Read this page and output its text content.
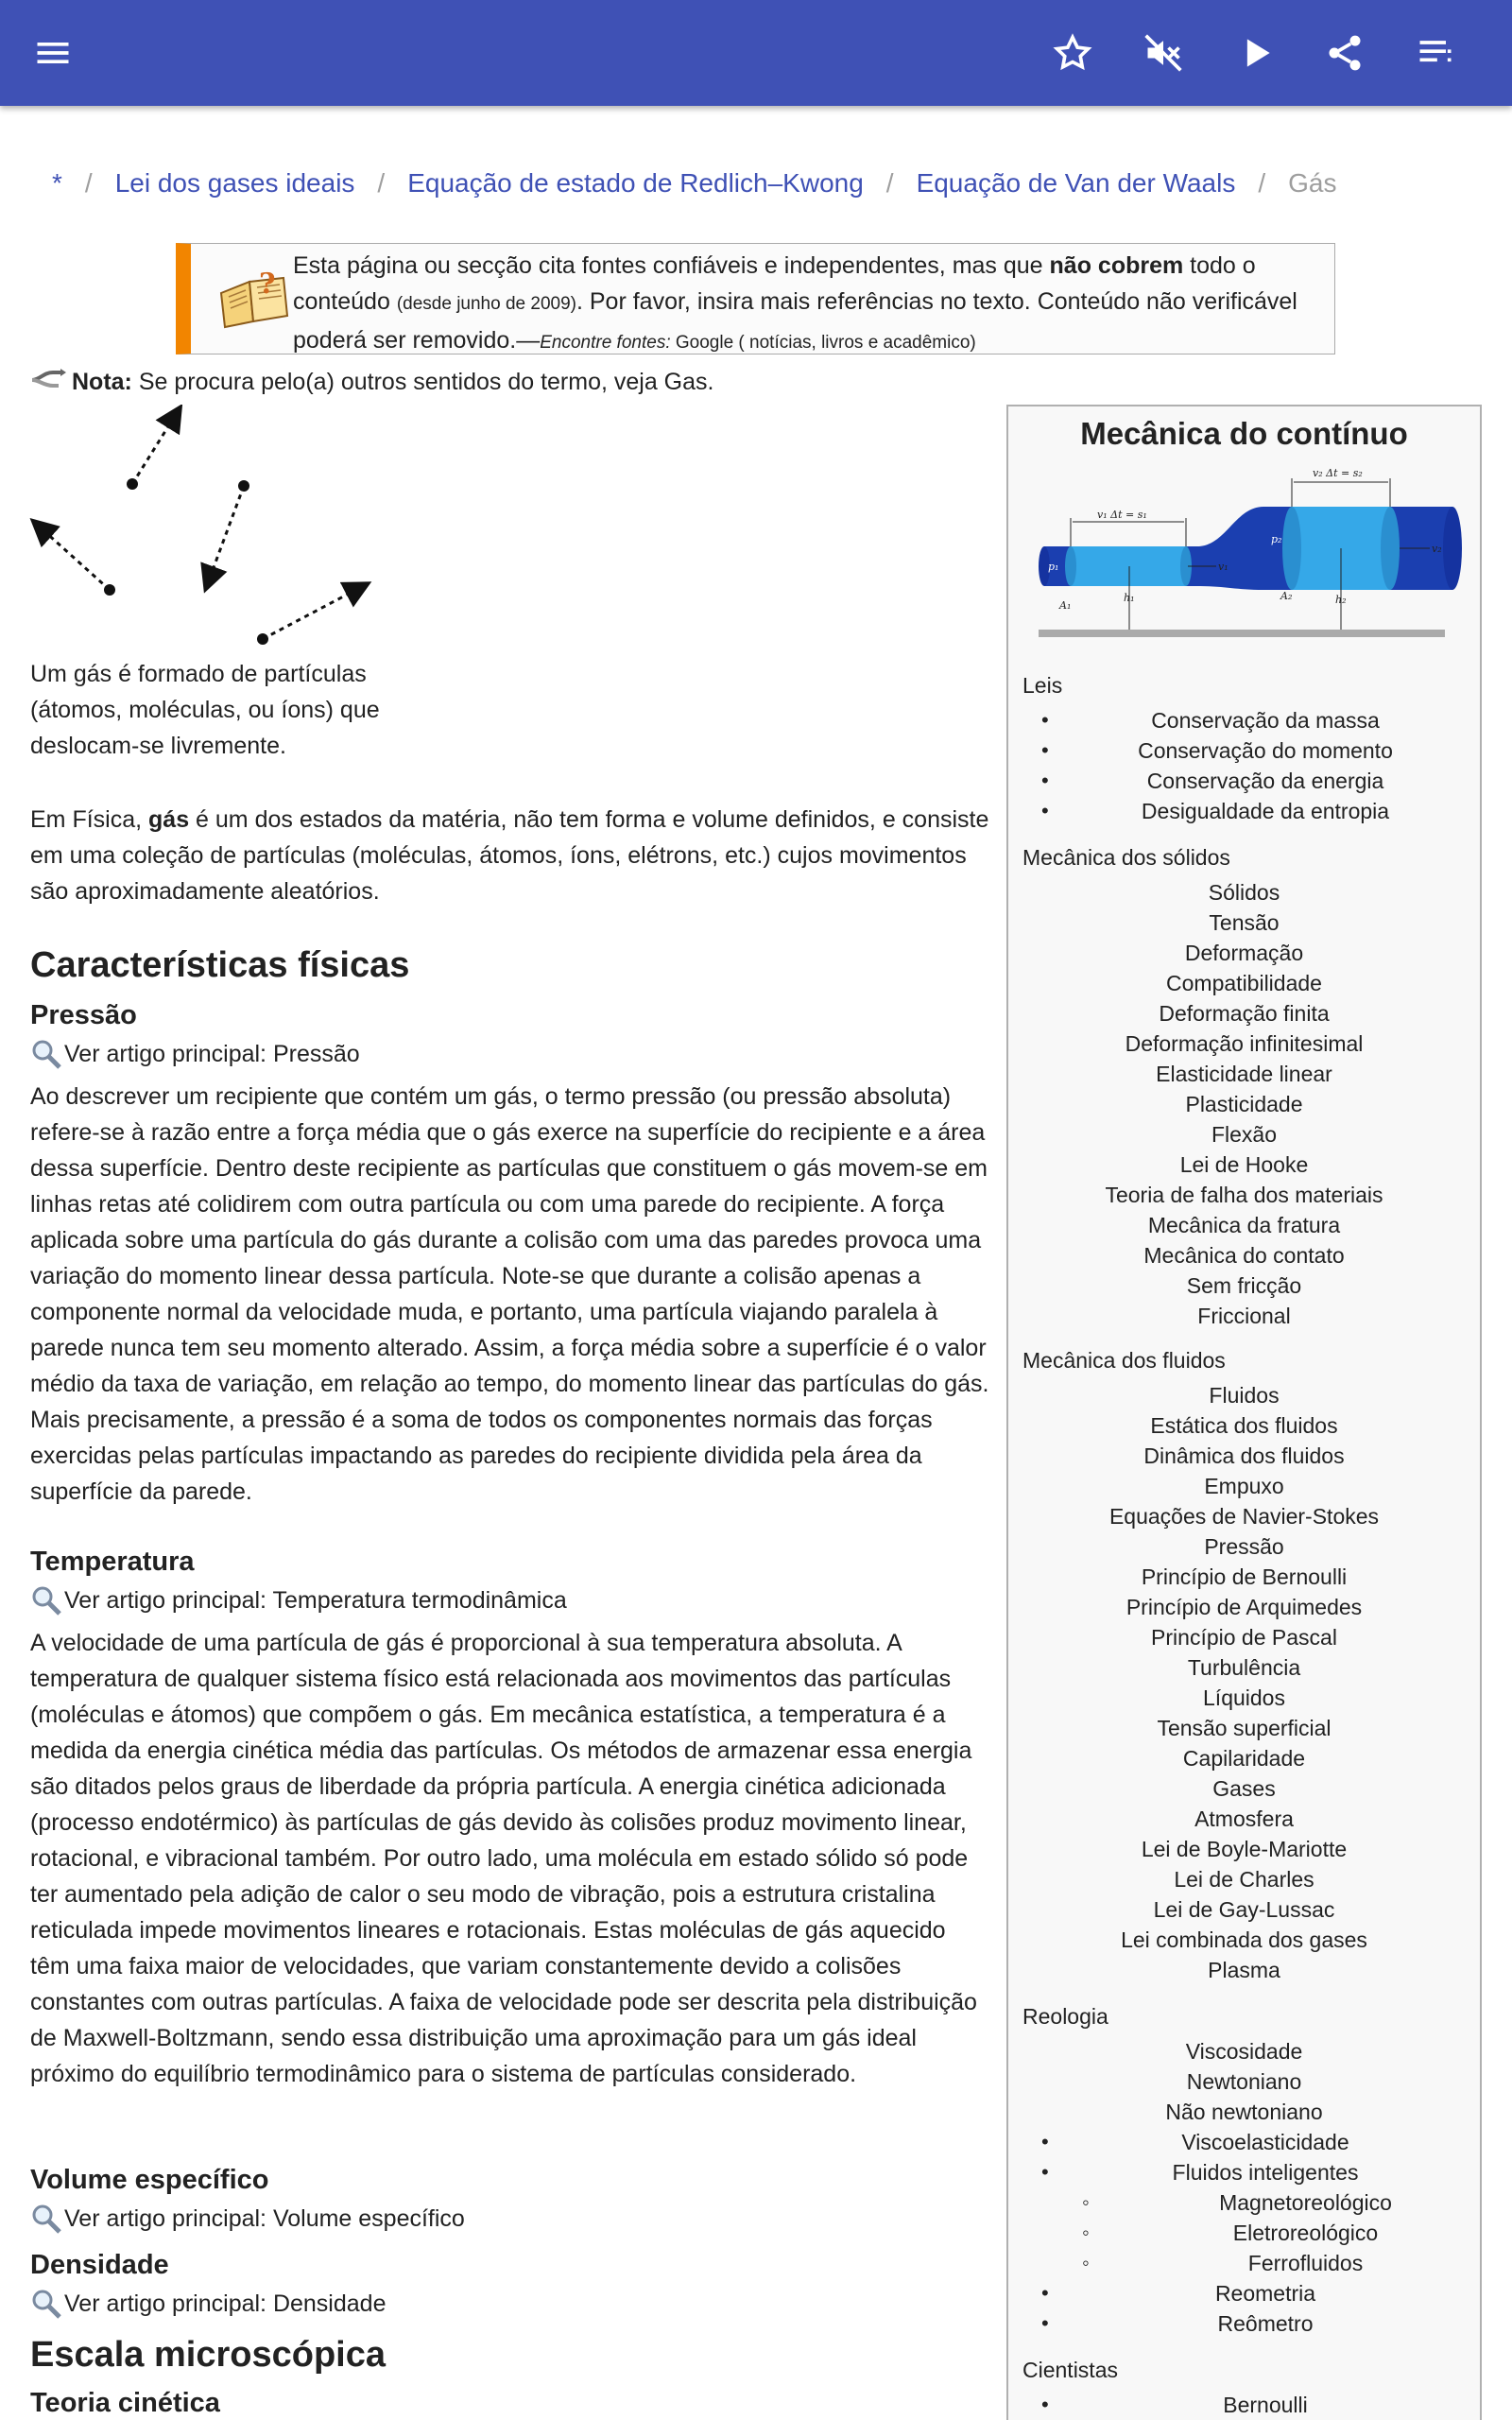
* / Lei dos gases ideais / Equação de estado de Redlich–Kwong / Equação de Van der Waals / Gás
?
Esta página ou secção cita fontes confiáveis e independentes, mas que não cobrem todo o conteúdo (desde junho de 2009). Por favor, insira mais referências no texto. Conteúdo não verificável poderá ser removido.—Encontre fontes: Google ( notícias, livros e acadêmico)
Nota: Se procura pelo(a) outros sentidos do termo, veja Gas.
Um gás é formado de partículas (átomos, moléculas, ou íons) que deslocam-se livremente.
Em Física, gás é um dos estados da matéria, não tem forma e volume definidos, e consiste em uma coleção de partículas (moléculas, átomos, íons, elétrons, etc.) cujos movimentos são aproximadamente aleatórios.
Características físicas
Pressão
Ver artigo principal: Pressão
Ao descrever um recipiente que contém um gás, o termo pressão (ou pressão absoluta) refere-se à razão entre a força média que o gás exerce na superfície do recipiente e a área dessa superfície. Dentro deste recipiente as partículas que constituem o gás movem-se em linhas retas até colidirem com outra partícula ou com uma parede do recipiente. A força aplicada sobre uma partícula do gás durante a colisão com uma das paredes provoca uma variação do momento linear dessa partícula. Note-se que durante a colisão apenas a componente normal da velocidade muda, e portanto, uma partícula viajando paralela à parede nunca tem seu momento alterado. Assim, a força média sobre a superfície é o valor médio da taxa de variação, em relação ao tempo, do momento linear das partículas do gás. Mais precisamente, a pressão é a soma de todos os componentes normais das forças exercidas pelas partículas impactando as paredes do recipiente dividida pela área da superfície da parede.
Temperatura
Ver artigo principal: Temperatura termodinâmica
A velocidade de uma partícula de gás é proporcional à sua temperatura absoluta. A temperatura de qualquer sistema físico está relacionada aos movimentos das partículas (moléculas e átomos) que compõem o gás. Em mecânica estatística, a temperatura é a medida da energia cinética média das partículas. Os métodos de armazenar essa energia são ditados pelos graus de liberdade da própria partícula. A energia cinética adicionada (processo endotérmico) às partículas de gás devido às colisões produz movimento linear, rotacional, e vibracional também. Por outro lado, uma molécula em estado sólido só pode ter aumentado pela adição de calor o seu modo de vibração, pois a estrutura cristalina reticulada impede movimentos lineares e rotacionais. Estas moléculas de gás aquecido têm uma faixa maior de velocidades, que variam constantemente devido a colisões constantes com outras partículas. A faixa de velocidade pode ser descrita pela distribuição de Maxwell-Boltzmann, sendo essa distribuição uma aproximação para um gás ideal próximo do equilíbrio termodinâmico para o sistema de partículas considerado.
Volume específico
Ver artigo principal: Volume específico
Densidade
Ver artigo principal: Densidade
Escala microscópica
Teoria cinética
Mecânica do contínuo
v₂ Δt = s₂
v₁ Δt = s₁
p₁
p₂
v₁
v₂
A₁
A₂
h₁	h₂
Leis
• Conservação da massa
• Conservação do momento
• Conservação da energia
• Desigualdade da entropia
Mecânica dos sólidos
Sólidos
Tensão
Deformação
Compatibilidade
Deformação finita
Deformação infinitesimal
Elasticidade linear
Plasticidade
Flexão
Lei de Hooke
Teoria de falha dos materiais
Mecânica da fratura
Mecânica do contato
Sem fricção
Friccional
Mecânica dos fluidos
Fluidos
Estática dos fluidos
Dinâmica dos fluidos
Empuxo
Equações de Navier-Stokes
Pressão
Princípio de Bernoulli
Princípio de Arquimedes
Princípio de Pascal
Turbulência
Líquidos
Tensão superficial
Capilaridade
Gases
Atmosfera
Lei de Boyle-Mariotte
Lei de Charles
Lei de Gay-Lussac
Lei combinada dos gases
Plasma
Reologia
Viscosidade
Newtoniano
Não newtoniano
• Viscoelasticidade
• Fluidos inteligentes
◦ Magnetoreológico
◦ Eletroreológico
◦ Ferrofluidos
• Reometria
• Reômetro
Cientistas
• Bernoulli
